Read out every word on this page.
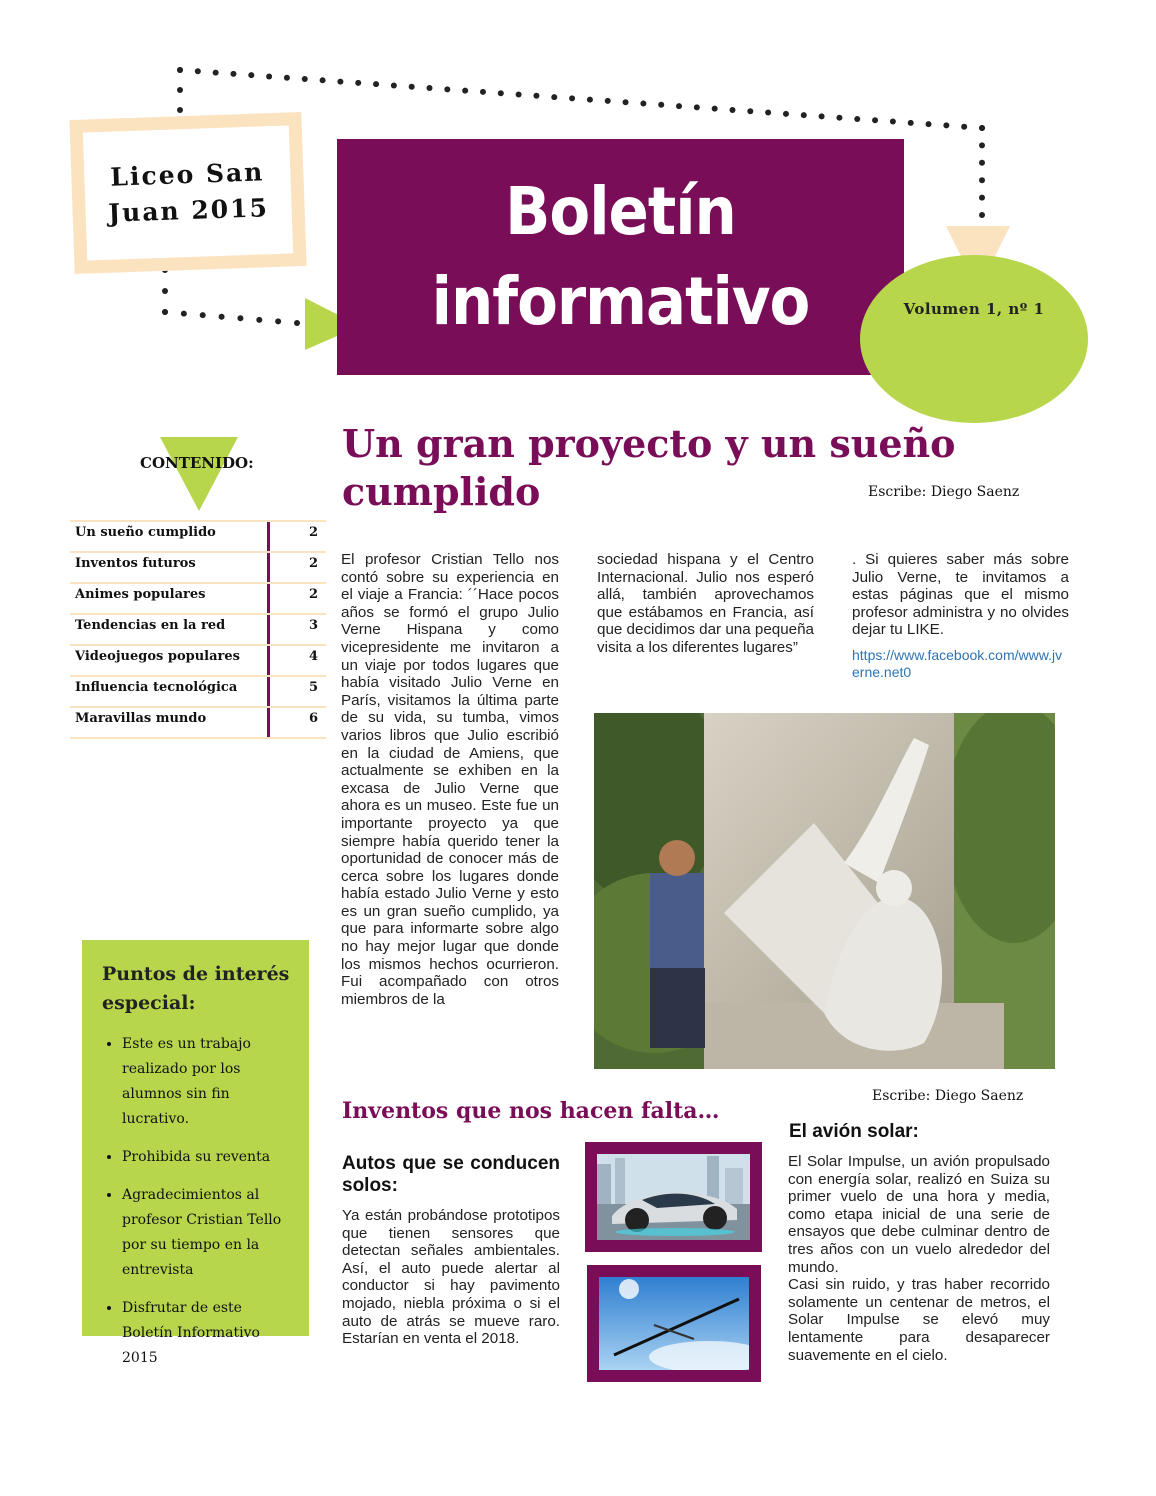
Liceo San
Juan 2015	Boletín
informativo	Volumen 1, nº 1
CONTENIDO:
Un sueño cumplido	2
Inventos futuros	2
Animes populares	2
Tendencias en la red	3
Videojuegos populares	4
Influencia tecnológica	5
Maravillas mundo	6
Puntos de interés especial:
• Este es un trabajo realizado por los alumnos sin fin lucrativo.
• Prohibida su reventa
• Agradecimientos al profesor Cristian Tello por su tiempo en la entrevista
• Disfrutar de este Boletín Informativo 2015
Un gran proyecto y un sueño cumplido	Escribe: Diego Saenz
El profesor Cristian Tello nos contó sobre su experiencia en el viaje a Francia: ´´Hace pocos años se formó el grupo Julio Verne Hispana y como vicepresidente me invitaron a un viaje por todos lugares que había visitado Julio Verne en París, visitamos la última parte de su vida, su tumba, vimos varios libros que Julio escribió en la ciudad de Amiens, que actualmente se exhiben en la excasa de Julio Verne que ahora es un museo. Este fue un importante proyecto ya que siempre había querido tener la oportunidad de conocer más de cerca sobre los lugares donde había estado Julio Verne y esto es un gran sueño cumplido, ya que para informarte sobre algo no hay mejor lugar que donde los mismos hechos ocurrieron. Fui acompañado con otros miembros de la
sociedad hispana y el Centro Internacional. Julio nos esperó allá, también aprovechamos que estábamos en Francia, así que decidimos dar una pequeña visita a los diferentes lugares”
. Si quieres saber más sobre Julio Verne, te invitamos a estas páginas que el mismo profesor administra y no olvides dejar tu LIKE.
https://www.facebook.com/www.jverne.net0
Escribe: Diego Saenz
Inventos que nos hacen falta…
Autos que se conducen solos:
Ya están probándose prototipos que tienen sensores que detectan señales ambientales. Así, el auto puede alertar al conductor si hay pavimento mojado, niebla próxima o si el auto de atrás se mueve raro. Estarían en venta el 2018.
El avión solar:
El Solar Impulse, un avión propulsado con energía solar, realizó en Suiza su primer vuelo de una hora y media, como etapa inicial de una serie de ensayos que debe culminar dentro de tres años con un vuelo alrededor del mundo.
Casi sin ruido, y tras haber recorrido solamente un centenar de metros, el Solar Impulse se elevó muy lentamente para desaparecer suavemente en el cielo.
